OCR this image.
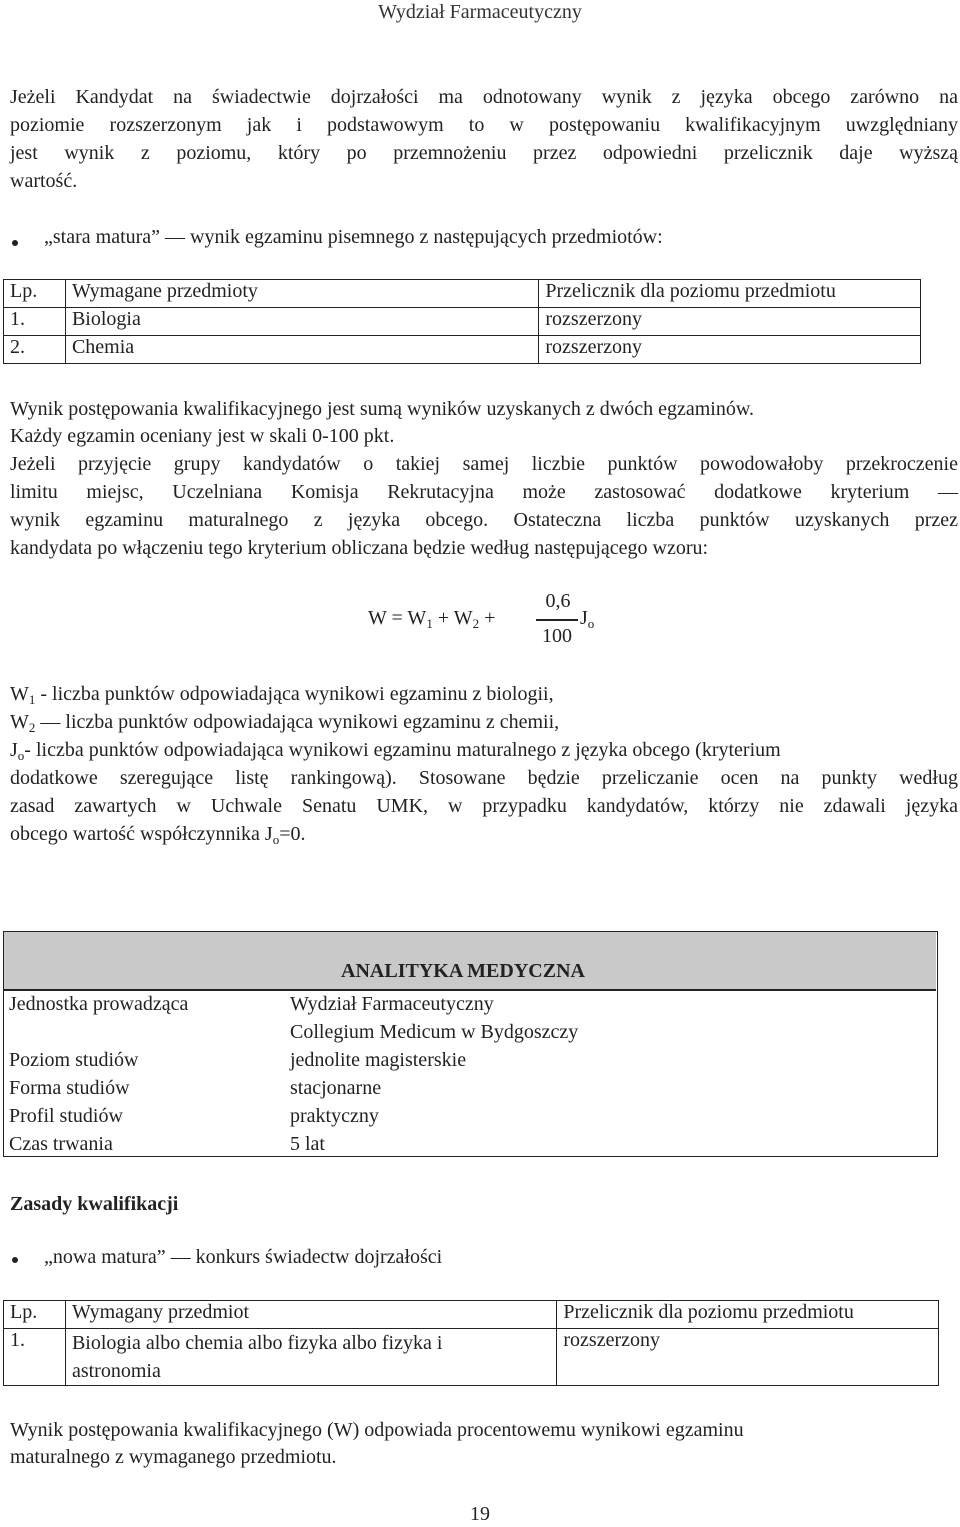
Wydział Farmaceutyczny
Jeżeli Kandydat na świadectwie dojrzałości ma odnotowany wynik z języka obcego zarówno na
poziomie rozszerzonym jak i podstawowym to w postępowaniu kwalifikacyjnym uwzględniany
jest wynik z poziomu, który po przemnożeniu przez odpowiedni przelicznik daje wyższą
wartość.
„stara matura” — wynik egzaminu pisemnego z następujących przedmiotów:
Lp.	Wymagane przedmioty	Przelicznik dla poziomu przedmiotu
1.	Biologia	rozszerzony
2.	Chemia	rozszerzony
Wynik postępowania kwalifikacyjnego jest sumą wyników uzyskanych z dwóch egzaminów.
Każdy egzamin oceniany jest w skali 0-100 pkt.
Jeżeli przyjęcie grupy kandydatów o takiej samej liczbie punktów powodowałoby przekroczenie
limitu miejsc, Uczelniana Komisja Rekrutacyjna może zastosować dodatkowe kryterium —
wynik egzaminu maturalnego z języka obcego. Ostateczna liczba punktów uzyskanych przez
kandydata po włączeniu tego kryterium obliczana będzie według następującego wzoru:
$W = W_1 + W_2$ +
0,6
100
$J_o$
$W_1$ - liczba punktów odpowiadająca wynikowi egzaminu z biologii,
$W_2$ — liczba punktów odpowiadająca wynikowi egzaminu z chemii,
$J_o-$ liczba punktów odpowiadająca wynikowi egzaminu maturalnego z języka obcego (kryterium
dodatkowe szeregujące listę rankingową). Stosowane będzie przeliczanie ocen na punkty według
zasad zawartych w Uchwale Senatu UMK, w przypadku kandydatów, którzy nie zdawali języka
obcego wartość współczynnika $J_o=0$.
ANALITYKA MEDYCZNA
Jednostka prowadząca	Wydział Farmaceutyczny
Collegium Medicum w Bydgoszczy
Poziom studiów	jednolite magisterskie
Forma studiów	stacjonarne
Profil studiów	praktyczny
Czas trwania	5 lat
Zasady kwalifikacji
„nowa matura” — konkurs świadectw dojrzałości
Lp.	Wymagany przedmiot	Przelicznik dla poziomu przedmiotu
1.	Biologia albo chemia albo fizyka albo fizyka i astronomia	rozszerzony
Wynik postępowania kwalifikacyjnego (W) odpowiada procentowemu wynikowi egzaminu
maturalnego z wymaganego przedmiotu.
19
